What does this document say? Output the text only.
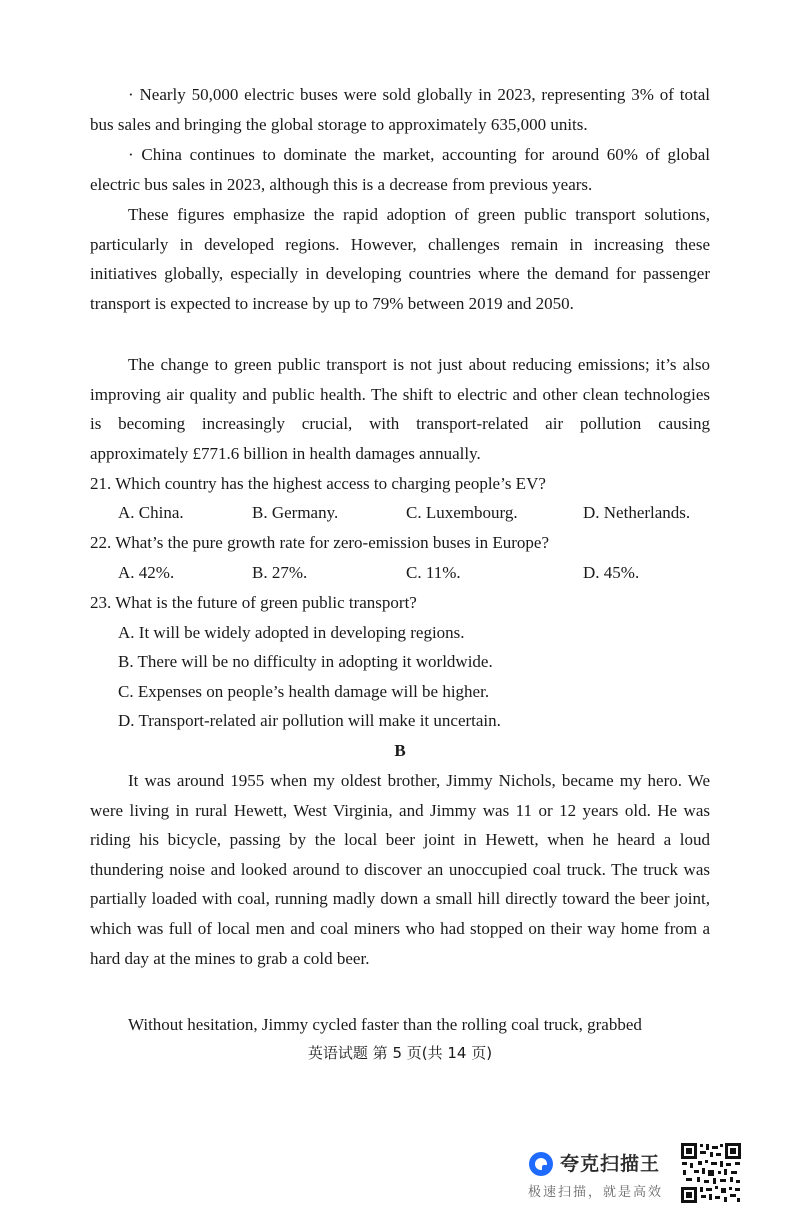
· Nearly 50,000 electric buses were sold globally in 2023, representing 3% of total bus sales and bringing the global storage to approximately 635,000 units.

· China continues to dominate the market, accounting for around 60% of global electric bus sales in 2023, although this is a decrease from previous years.

These figures emphasize the rapid adoption of green public transport solutions, particularly in developed regions. However, challenges remain in increasing these initiatives globally, especially in developing countries where the demand for passenger transport is expected to increase by up to 79% between 2019 and 2050.

The change to green public transport is not just about reducing emissions; it’s also improving air quality and public health. The shift to electric and other clean technologies is becoming increasingly crucial, with transport-related air pollution causing approximately £771.6 billion in health damages annually.

21. Which country has the highest access to charging people’s EV?

A. China.	B. Germany.	C. Luxembourg.	D. Netherlands.

22. What’s the pure growth rate for zero-emission buses in Europe?

A. 42%.	B. 27%.	C. 11%.	D. 45%.

23. What is the future of green public transport?

A. It will be widely adopted in developing regions.
B. There will be no difficulty in adopting it worldwide.
C. Expenses on people’s health damage will be higher.
D. Transport-related air pollution will make it uncertain.
B

It was around 1955 when my oldest brother, Jimmy Nichols, became my hero. We were living in rural Hewett, West Virginia, and Jimmy was 11 or 12 years old. He was riding his bicycle, passing by the local beer joint in Hewett, when he heard a loud thundering noise and looked around to discover an unoccupied coal truck. The truck was partially loaded with coal, running madly down a small hill directly toward the beer joint, which was full of local men and coal miners who had stopped on their way home from a hard day at the mines to grab a cold beer.

Without hesitation, Jimmy cycled faster than the rolling coal truck, grabbed

英语试题 第 5 页(共 14 页)
夸克扫描王
极速扫描，就是高效
